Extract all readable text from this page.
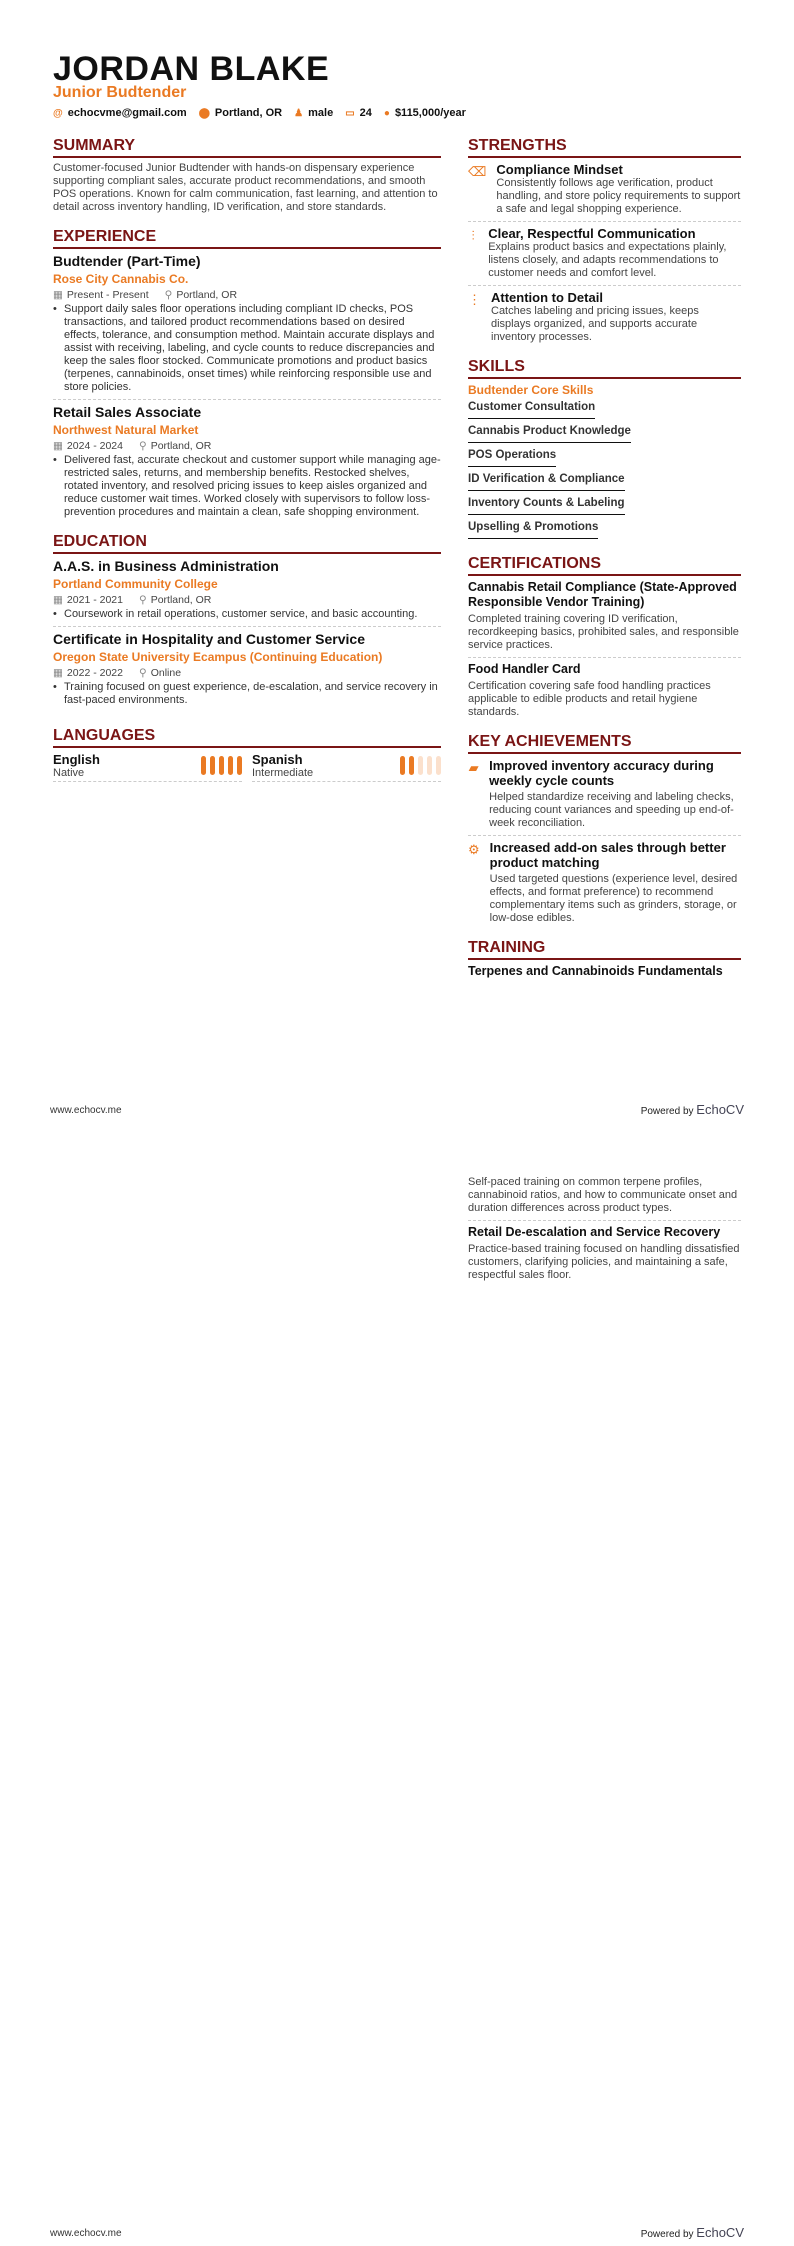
JORDAN BLAKE
Junior Budtender
@ echocvme@gmail.com ⬤ Portland, OR ♟ male ▭ 24 ● $115,000/year
SUMMARY
Customer-focused Junior Budtender with hands-on dispensary experience supporting compliant sales, accurate product recommendations, and smooth POS operations. Known for calm communication, fast learning, and attention to detail across inventory handling, ID verification, and store standards.
EXPERIENCE
Budtender (Part-Time)
Rose City Cannabis Co.
▦ Present - Present ⚲ Portland, OR
• Support daily sales floor operations including compliant ID checks, POS transactions, and tailored product recommendations based on desired effects, tolerance, and consumption method. Maintain accurate displays and assist with receiving, labeling, and cycle counts to reduce discrepancies and keep the sales floor stocked. Communicate promotions and product basics (terpenes, cannabinoids, onset times) while reinforcing responsible use and store policies.
Retail Sales Associate
Northwest Natural Market
▦ 2024 - 2024 ⚲ Portland, OR
• Delivered fast, accurate checkout and customer support while managing age-restricted sales, returns, and membership benefits. Restocked shelves, rotated inventory, and resolved pricing issues to keep aisles organized and reduce customer wait times. Worked closely with supervisors to follow loss-prevention procedures and maintain a clean, safe shopping environment.
EDUCATION
A.A.S. in Business Administration
Portland Community College
▦ 2021 - 2021 ⚲ Portland, OR
• Coursework in retail operations, customer service, and basic accounting.
Certificate in Hospitality and Customer Service
Oregon State University Ecampus (Continuing Education)
▦ 2022 - 2022 ⚲ Online
• Training focused on guest experience, de-escalation, and service recovery in fast-paced environments.
LANGUAGES
English
Native
Spanish
Intermediate
STRENGTHS
⌫ Compliance Mindset
Consistently follows age verification, product handling, and store policy requirements to support a safe and legal shopping experience.
⫶ Clear, Respectful Communication
Explains product basics and expectations plainly, listens closely, and adapts recommendations to customer needs and comfort level.
⋮ Attention to Detail
Catches labeling and pricing issues, keeps displays organized, and supports accurate inventory processes.
SKILLS
Budtender Core Skills
Customer Consultation
Cannabis Product Knowledge
POS Operations
ID Verification & Compliance
Inventory Counts & Labeling
Upselling & Promotions
CERTIFICATIONS
Cannabis Retail Compliance (State-Approved Responsible Vendor Training)
Completed training covering ID verification, recordkeeping basics, prohibited sales, and responsible service practices.
Food Handler Card
Certification covering safe food handling practices applicable to edible products and retail hygiene standards.
KEY ACHIEVEMENTS
▰ Improved inventory accuracy during weekly cycle counts
Helped standardize receiving and labeling checks, reducing count variances and speeding up end-of-week reconciliation.
⚙ Increased add-on sales through better product matching
Used targeted questions (experience level, desired effects, and format preference) to recommend complementary items such as grinders, storage, or low-dose edibles.
TRAINING
Terpenes and Cannabinoids Fundamentals
www.echocv.me	Powered by EchoCV
Self-paced training on common terpene profiles, cannabinoid ratios, and how to communicate onset and duration differences across product types.
Retail De-escalation and Service Recovery
Practice-based training focused on handling dissatisfied customers, clarifying policies, and maintaining a safe, respectful sales floor.
www.echocv.me	Powered by EchoCV
